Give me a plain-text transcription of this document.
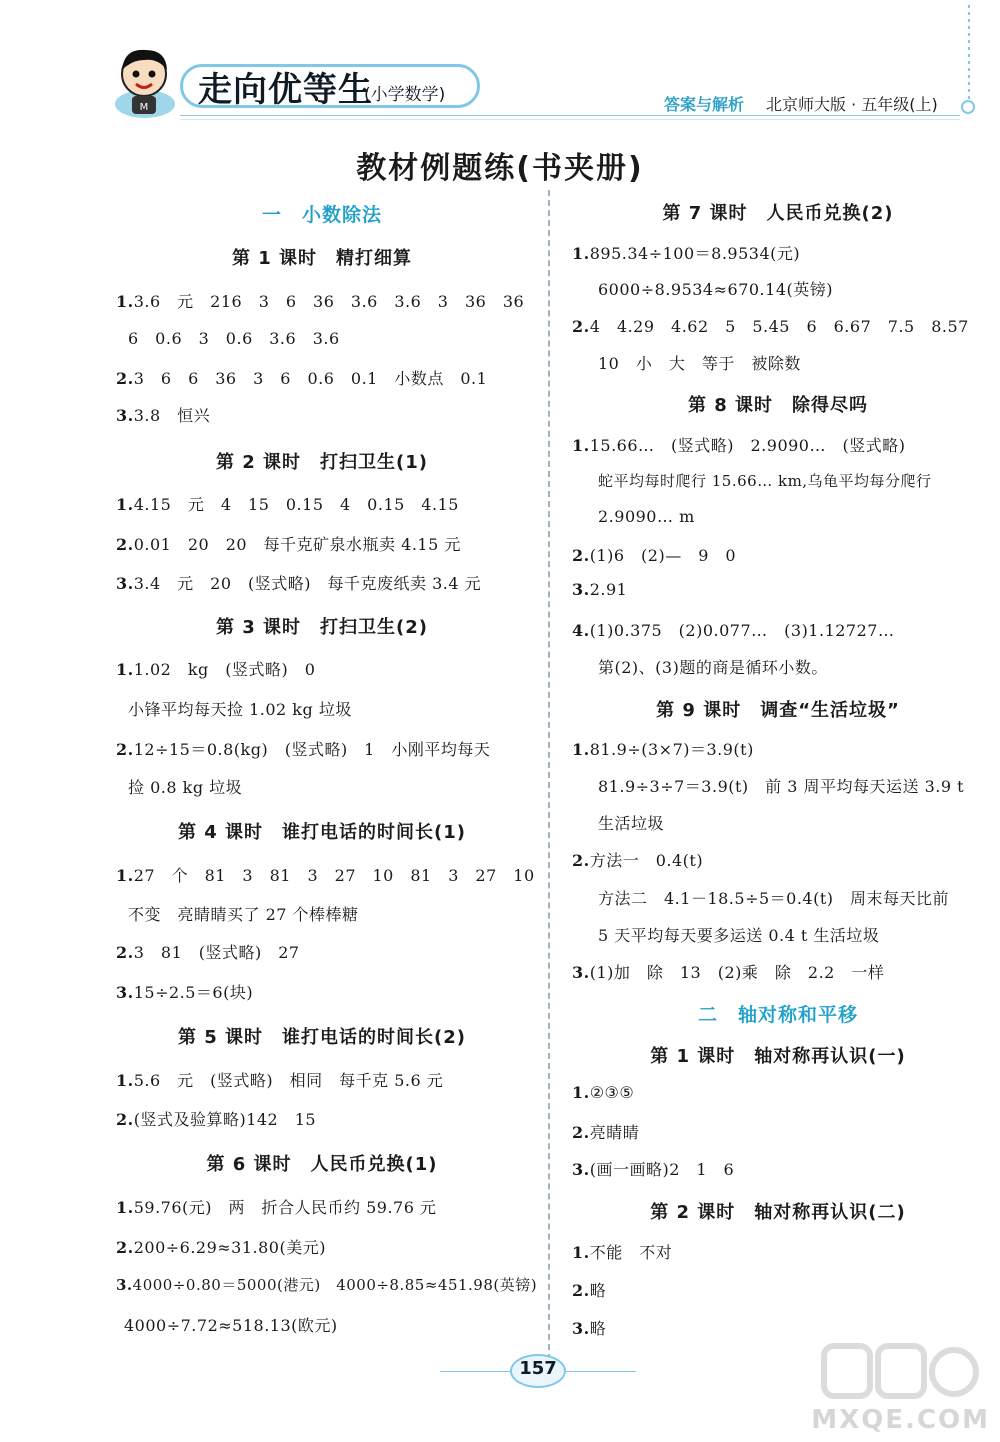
M 走向优等生
(小学数学)	答案与解析 北京师大版 · 五年级(上)
教材例题练(书夹册)
一　小数除法
第 1 课时　精打细算
1.3.6　元　216　3　6　36　3.6　3.6　3　36　36
6　0.6　3　0.6　3.6　3.6
2.3　6　6　36　3　6　0.6　0.1　小数点　0.1
3.3.8　恒兴
第 2 课时　打扫卫生(1)
1.4.15　元　4　15　0.15　4　0.15　4.15
2.0.01　20　20　每千克矿泉水瓶卖 4.15 元
3.3.4　元　20　(竖式略)　每千克废纸卖 3.4 元
第 3 课时　打扫卫生(2)
1.1.02　kg　(竖式略)　0
小锋平均每天捡 1.02 kg 垃圾
2.12÷15＝0.8(kg)　(竖式略)　1　小刚平均每天
捡 0.8 kg 垃圾
第 4 课时　谁打电话的时间长(1)
1.27　个　81　3　81　3　27　10　81　3　27　10
不变　亮睛睛买了 27 个棒棒糖
2.3　81　(竖式略)　27
3.15÷2.5＝6(块)
第 5 课时　谁打电话的时间长(2)
1.5.6　元　(竖式略)　相同　每千克 5.6 元
2.(竖式及验算略)142　15
第 6 课时　人民币兑换(1)
1.59.76(元)　两　折合人民币约 59.76 元
2.200÷6.29≈31.80(美元)
3.4000÷0.80＝5000(港元)　4000÷8.85≈451.98(英镑)
4000÷7.72≈518.13(欧元)
第 7 课时　人民币兑换(2)
1.895.34÷100＝8.9534(元)
6000÷8.9534≈670.14(英镑)
2.4　4.29　4.62　5　5.45　6　6.67　7.5　8.57
10　小　大　等于　被除数
第 8 课时　除得尽吗
1.15.66…　(竖式略)　2.9090…　(竖式略)
蛇平均每时爬行 15.66… km,乌龟平均每分爬行
2.9090… m
2.(1)6　(2)—　9　0
3.2.91
4.(1)0.375　(2)0.077…　(3)1.12727…
第(2)、(3)题的商是循环小数。
第 9 课时　调查“生活垃圾”
1.81.9÷(3×7)＝3.9(t)
81.9÷3÷7＝3.9(t)　前 3 周平均每天运送 3.9 t
生活垃圾
2.方法一　0.4(t)
方法二　4.1－18.5÷5＝0.4(t)　周末每天比前
5 天平均每天要多运送 0.4 t 生活垃圾
3.(1)加　除　13　(2)乘　除　2.2　一样
二　轴对称和平移
第 1 课时　轴对称再认识(一)
1.②③⑤
2.亮睛睛
3.(画一画略)2　1　6
第 2 课时　轴对称再认识(二)
1.不能　不对
2.略
3.略
157
MXQE.COM
